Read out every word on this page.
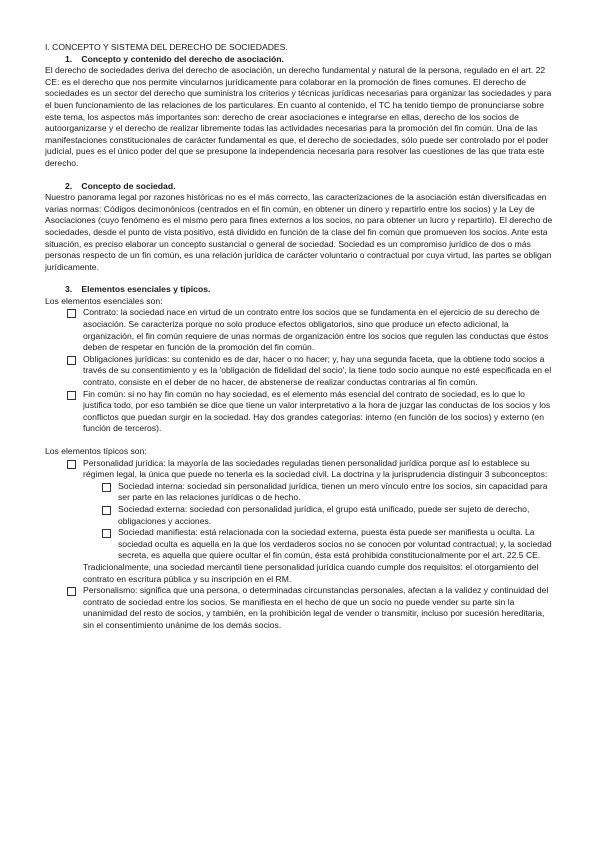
I. CONCEPTO Y SISTEMA DEL DERECHO DE SOCIEDADES.

1. Concepto y contenido del derecho de asociación.

El derecho de sociedades deriva del derecho de asociación, un derecho fundamental y natural de la persona, regulado en el art. 22 CE: es el derecho que nos permite vincularnos jurídicamente para colaborar en la promoción de fines comunes. El derecho de sociedades es un sector del derecho que suministra los criterios y técnicas jurídicas necesarias para organizar las sociedades y para el buen funcionamiento de las relaciones de los particulares. En cuanto al contenido, el TC ha tenido tiempo de pronunciarse sobre este tema, los aspectos más importantes son: derecho de crear asociaciones e integrarse en ellas, derecho de los socios de autoorganizarse y el derecho de realizar libremente todas las actividades necesarias para la promoción del fin común. Una de las manifestaciones constitucionales de carácter fundamental es que, el derecho de sociedades, sólo puede ser controlado por el poder judicial, pues es el único poder del que se presupone la independencia necesaria para resolver las cuestiones de las que trata este derecho.

2. Concepto de sociedad.

Nuestro panorama legal por razones históricas no es el más correcto, las caracterizaciones de la asociación están diversificadas en varias normas: Códigos decimonónicos (centrados en el fin común, en obtener un dinero y repartirlo entre los socios) y la Ley de Asociaciones (cuyo fenómeno es el mismo pero para fines externos a los socios, no para obtener un lucro y repartirlo). El derecho de sociedades, desde el punto de vista positivo, está dividido en función de la clase del fin común que promueven los socios. Ante esta situación, es preciso elaborar un concepto sustancial o general de sociedad. Sociedad es un compromiso jurídico de dos o más personas respecto de un fin común, es una relación jurídica de carácter voluntario o contractual por cuya virtud, las partes se obligan jurídicamente.

3. Elementos esenciales y típicos.

Los elementos esenciales son:

Contrato: la sociedad nace en virtud de un contrato entre los socios que se fundamenta en el ejercicio de su derecho de asociación. Se caracteriza porque no solo produce efectos obligatorios, sino que produce un efecto adicional, la organización, el fin común requiere de unas normas de organización entre los socios que regulen las conductas que éstos deben de respetar en función de la promoción del fin común.
Obligaciones jurídicas: su contenido es de dar, hacer o no hacer; y, hay una segunda faceta, que la obtiene todo socios a través de su consentimiento y es la 'obligación de fidelidad del socio', la tiene todo socio aunque no esté especificada en el contrato, consiste en el deber de no hacer, de abstenerse de realizar conductas contrarias al fin común.
Fin común: si no hay fin común no hay sociedad, es el elemento más esencial del contrato de sociedad, es lo que lo justifica todo, por eso también se dice que tiene un valor interpretativo a la hora de juzgar las conductas de los socios y los conflictos que puedan surgir en la sociedad. Hay dos grandes categorías: interno (en función de los socios) y externo (en función de terceros).

Los elementos típicos son:

Personalidad jurídica: la mayoría de las sociedades reguladas tienen personalidad jurídica porque así lo establece su régimen legal, la única que puede no tenerla es la sociedad civil. La doctrina y la jurisprudencia distinguir 3 subconceptos:
Sociedad interna: sociedad sin personalidad jurídica, tienen un mero vínculo entre los socios, sin capacidad para ser parte en las relaciones jurídicas o de hecho.
Sociedad externa: sociedad con personalidad jurídica, el grupo está unificado, puede ser sujeto de derecho, obligaciones y acciones.
Sociedad manifiesta: está relacionada con la sociedad externa, puesta ésta puede ser manifiesta u oculta. La sociedad oculta es aquella en la que los verdaderos socios no se conocen por voluntad contractual; y, la sociedad secreta, es aquella que quiere ocultar el fin común, ésta está prohibida constitucionalmente por el art. 22.5 CE.

Tradicionalmente, una sociedad mercantil tiene personalidad jurídica cuando cumple dos requisitos: el otorgamiento del contrato en escritura pública y su inscripción en el RM.

Personalismo: significa que una persona, o determinadas circunstancias personales, afectan a la validez y continuidad del contrato de sociedad entre los socios. Se manifiesta en el hecho de que un socio no puede vender su parte sin la unanimidad del resto de socios, y también, en la prohibición legal de vender o transmitir, incluso por sucesión hereditaria, sin el consentimiento unánime de los demás socios.
